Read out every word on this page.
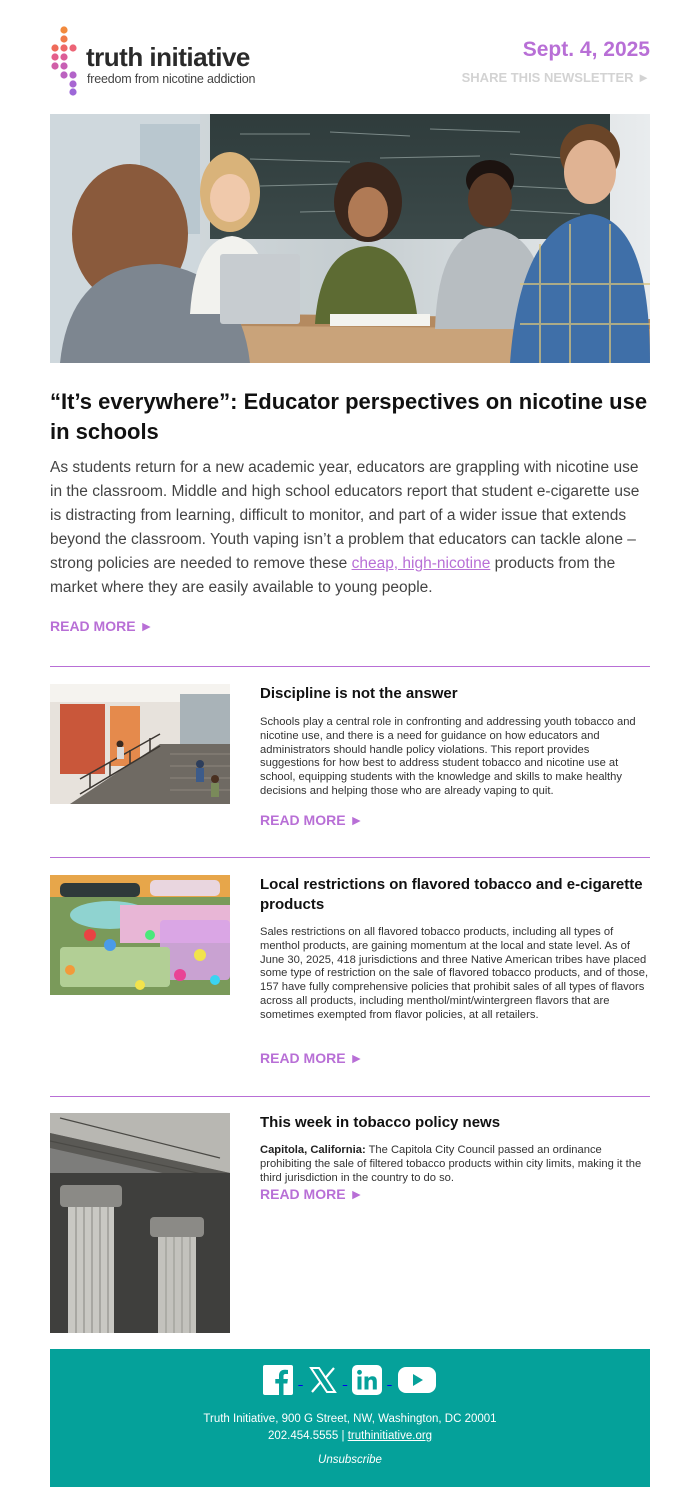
truth initiative
freedom from nicotine addiction
Sept. 4, 2025
SHARE THIS NEWSLETTER ►
“It’s everywhere”: Educator perspectives on nicotine use in schools
As students return for a new academic year, educators are grappling with nicotine use in the classroom. Middle and high school educators report that student e-cigarette use is distracting from learning, difficult to monitor, and part of a wider issue that extends beyond the classroom. Youth vaping isn’t a problem that educators can tackle alone – strong policies are needed to remove these cheap, high-nicotine products from the market where they are easily available to young people.
READ MORE ►
Discipline is not the answer
Schools play a central role in confronting and addressing youth tobacco and nicotine use, and there is a need for guidance on how educators and administrators should handle policy violations. This report provides suggestions for how best to address student tobacco and nicotine use at school, equipping students with the knowledge and skills to make healthy decisions and helping those who are already vaping to quit.
READ MORE ►
Local restrictions on flavored tobacco and e-cigarette products
Sales restrictions on all flavored tobacco products, including all types of menthol products, are gaining momentum at the local and state level. As of June 30, 2025, 418 jurisdictions and three Native American tribes have placed some type of restriction on the sale of flavored tobacco products, and of those, 157 have fully comprehensive policies that prohibit sales of all types of flavors across all products, including menthol/mint/wintergreen flavors that are sometimes exempted from flavor policies, at all retailers.
READ MORE ►
This week in tobacco policy news
Capitola, California: The Capitola City Council passed an ordinance prohibiting the sale of filtered tobacco products within city limits, making it the third jurisdiction in the country to do so.
READ MORE ►

Truth Initiative, 900 G Street, NW, Washington, DC 20001
202.454.5555 | truthinitiative.org
Unsubscribe
